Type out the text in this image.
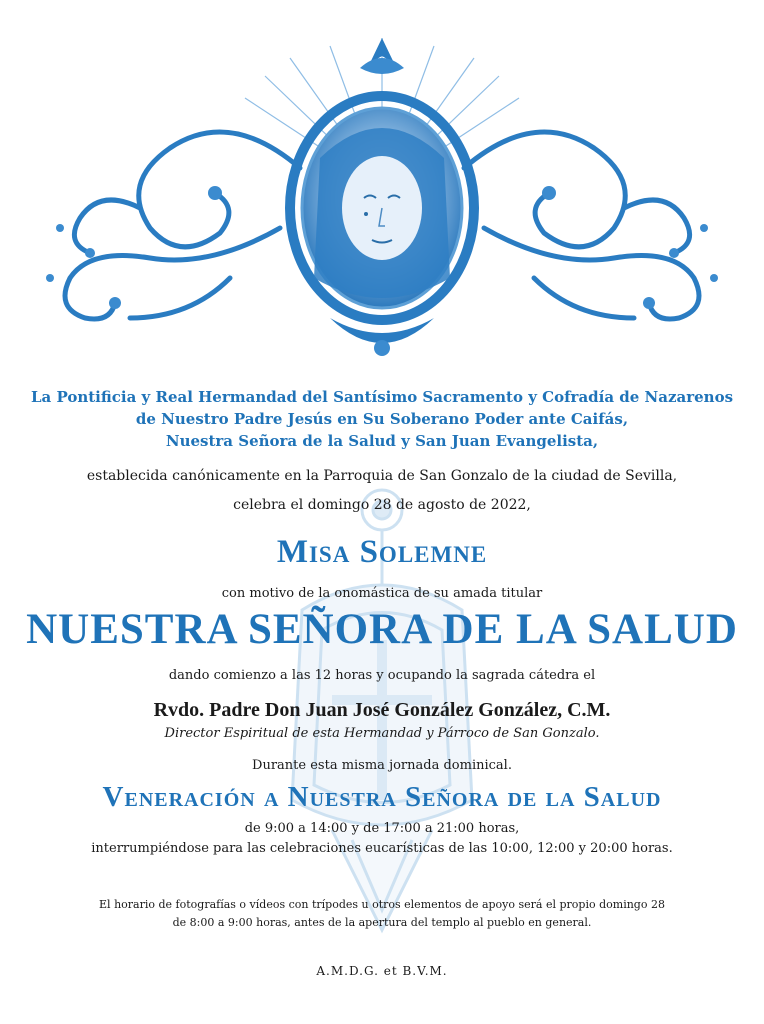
La Pontificia y Real Hermandad del Santísimo Sacramento y Cofradía de Nazarenos
de Nuestro Padre Jesús en Su Soberano Poder ante Caifás,
Nuestra Señora de la Salud y San Juan Evangelista,
establecida canónicamente en la Parroquia de San Gonzalo de la ciudad de Sevilla,
celebra el domingo 28 de agosto de 2022,
Misa Solemne
con motivo de la onomástica de su amada titular
NUESTRA SEÑORA DE LA SALUD
dando comienzo a las 12 horas y ocupando la sagrada cátedra el
Rvdo. Padre Don Juan José González González, C.M.
Director Espiritual de esta Hermandad y Párroco de San Gonzalo.
Durante esta misma jornada dominical.
Veneración a Nuestra Señora de la Salud
de 9:00 a 14:00 y de 17:00 a 21:00 horas,
interrumpiéndose para las celebraciones eucarísticas de las 10:00, 12:00 y 20:00 horas.
El horario de fotografías o vídeos con trípodes u otros elementos de apoyo será el propio domingo 28
de 8:00 a 9:00 horas, antes de la apertura del templo al pueblo en general.
A.M.D.G. et B.V.M.
